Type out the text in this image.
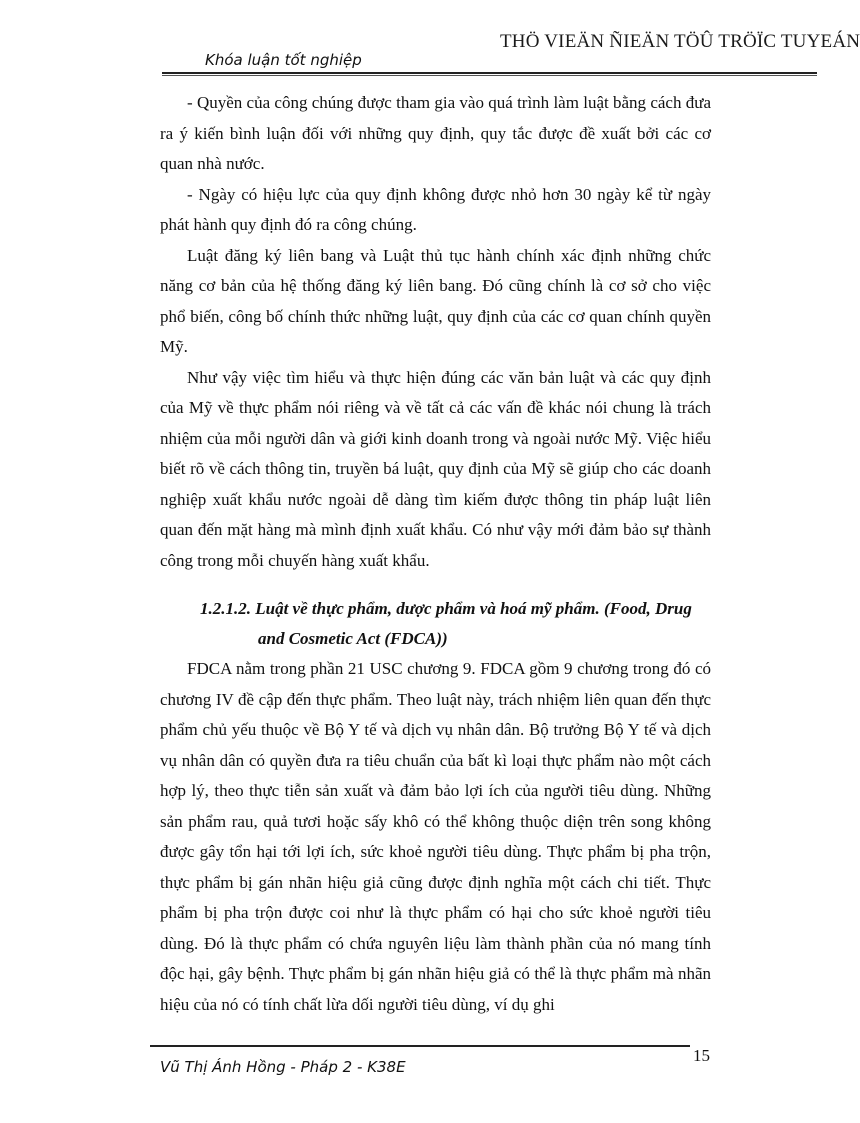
THÖ VIEÄN ÑIEÄN TÖÛ TRÖÏC TUYEÁN
Khóa luận tốt nghiệp

- Quyền của công chúng được tham gia vào quá trình làm luật bằng cách đưa ra ý kiến bình luận đối với những quy định, quy tắc được đề xuất bởi các cơ quan nhà nước.

- Ngày có hiệu lực của quy định không được nhỏ hơn 30 ngày kể từ ngày phát hành quy định đó ra công chúng.

Luật đăng ký liên bang và Luật thủ tục hành chính xác định những chức năng cơ bản của hệ thống đăng ký liên bang. Đó cũng chính là cơ sở cho việc phổ biến, công bố chính thức những luật, quy định của các cơ quan chính quyền Mỹ.

Như vậy việc tìm hiểu và thực hiện đúng các văn bản luật và các quy định của Mỹ về thực phẩm nói riêng và về tất cả các vấn đề khác nói chung là trách nhiệm của mỗi người dân và giới kinh doanh trong và ngoài nước Mỹ. Việc hiểu biết rõ về cách thông tin, truyền bá luật, quy định của Mỹ sẽ giúp cho các doanh nghiệp xuất khẩu nước ngoài dễ dàng tìm kiếm được thông tin pháp luật liên quan đến mặt hàng mà mình định xuất khẩu. Có như vậy mới đảm bảo sự thành công trong mỗi chuyến hàng xuất khẩu.

1.2.1.2. Luật về thực phẩm, dược phẩm và hoá mỹ phẩm. (Food, Drug
and Cosmetic Act (FDCA))

FDCA nằm trong phần 21 USC chương 9. FDCA gồm 9 chương trong đó có chương IV đề cập đến thực phẩm. Theo luật này, trách nhiệm liên quan đến thực phẩm chủ yếu thuộc về Bộ Y tế và dịch vụ nhân dân. Bộ trưởng Bộ Y tế và dịch vụ nhân dân có quyền đưa ra tiêu chuẩn của bất kì loại thực phẩm nào một cách hợp lý, theo thực tiễn sản xuất và đảm bảo lợi ích của người tiêu dùng. Những sản phẩm rau, quả tươi hoặc sấy khô có thể không thuộc diện trên song không được gây tổn hại tới lợi ích, sức khoẻ người tiêu dùng. Thực phẩm bị pha trộn, thực phẩm bị gán nhãn hiệu giả cũng được định nghĩa một cách chi tiết. Thực phẩm bị pha trộn được coi như là thực phẩm có hại cho sức khoẻ người tiêu dùng. Đó là thực phẩm có chứa nguyên liệu làm thành phần của nó mang tính độc hại, gây bệnh. Thực phẩm bị gán nhãn hiệu giả có thể là thực phẩm mà nhãn hiệu của nó có tính chất lừa dối người tiêu dùng, ví dụ ghi

Vũ Thị Ánh Hồng - Pháp 2 - K38E
15
